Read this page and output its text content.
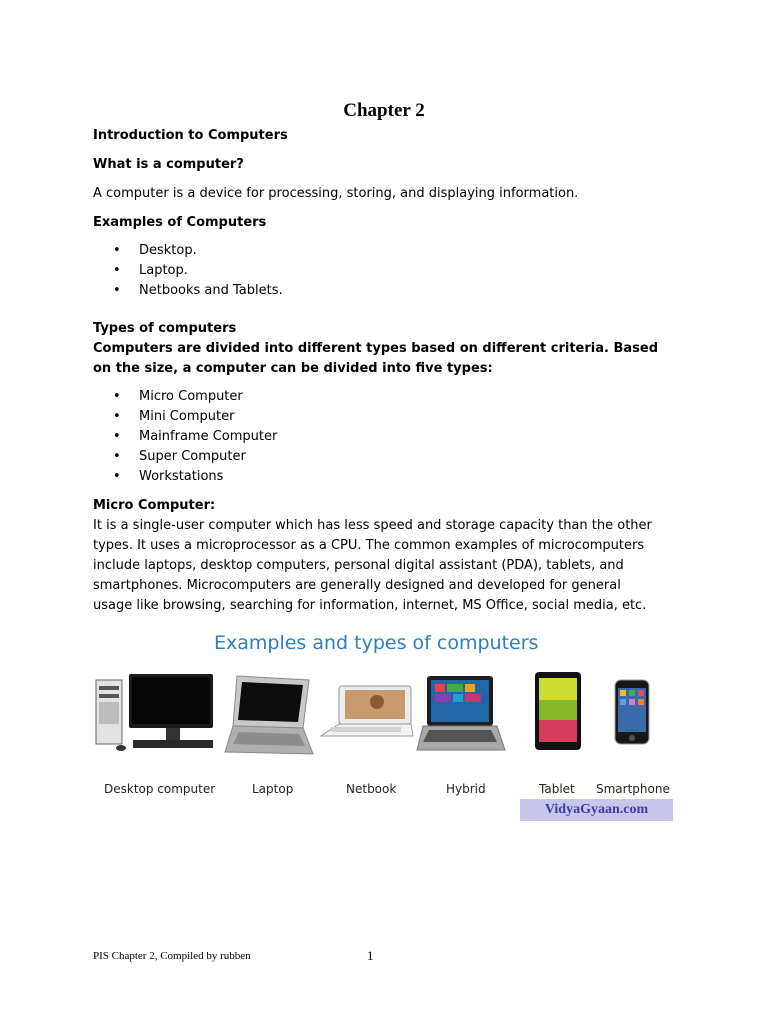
Chapter 2

Introduction to Computers

What is a computer?

A computer is a device for processing, storing, and displaying information.

Examples of Computers

• Desktop.
• Laptop.
• Netbooks and Tablets.

Types of computers

Computers are divided into different types based on different criteria. Based on the size, a computer can be divided into five types:

• Micro Computer
• Mini Computer
• Mainframe Computer
• Super Computer
• Workstations

Micro Computer:

It is a single-user computer which has less speed and storage capacity than the other types. It uses a microprocessor as a CPU. The common examples of microcomputers include laptops, desktop computers, personal digital assistant (PDA), tablets, and smartphones. Microcomputers are generally designed and developed for general usage like browsing, searching for information, internet, MS Office, social media, etc.

Examples and types of computers
Desktop computer	Laptop	Netbook	Hybrid	Tablet Smartphone
VidyaGyaan.com
PIS Chapter 2, Compiled by rubben	1
